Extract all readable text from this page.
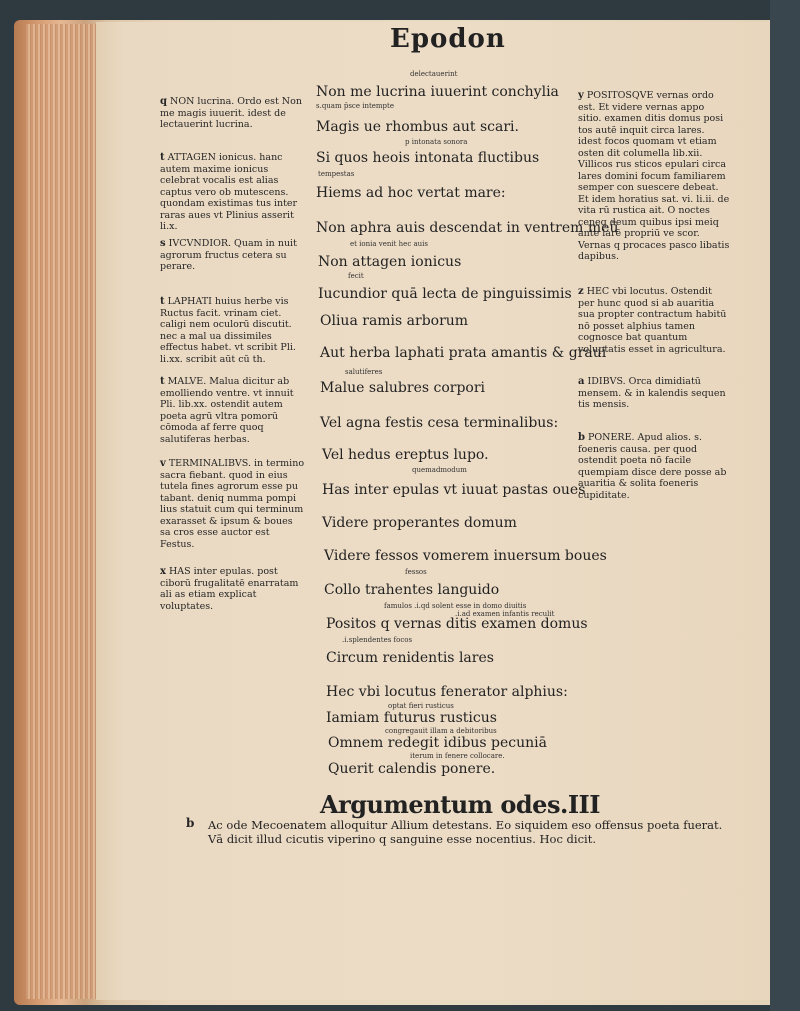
Epodon
Non me lucrina iuuerint conchylia
Magis ue rhombus aut scari.
Si quos heois intonata fluctibus
Hiems ad hoc vertat mare:
Non aphra auis descendat in ventrem meū
Non attagen ionicus
Iucundior quā lecta de pinguissimis
Oliua ramis arborum
Aut herba laphati prata amantis & graui
Malue salubres corpori
Vel agna festis cesa terminalibus:
Vel hedus ereptus lupo.
Has inter epulas vt iuuat pastas oues
Videre properantes domum
Videre fessos vomerem inuersum boues
Collo trahentes languido
Positos q vernas ditis examen domus
Circum renidentis lares
Hec vbi locutus fenerator alphius:
Iamiam futurus rusticus
Omnem redegit idibus pecuniā
Querit calendis ponere.
delectauerint
s.quam p̄sce intempte
p intonata sonora
tempestas
et ionia venit hec auis
fecit
salutiferes
quemadmodum
fessos
famulos .i.qd solent esse in domo diuitis
.i.ad examen infantis reculit
.i.splendentes focos
optat fieri rusticus
congregauit illam a debitoribus
iterum in fenere collocare.
q NON lucrina. Ordo est Non me magis iuuerit. idest de lectauerint lucrina.
t ATTAGEN ionicus. hanc autem maxime ionicus celebrat vocalis est alias captus vero ob mutescens. quondam existimas tus inter raras aues vt Plinius asserit li.x.
s IVCVNDIOR. Quam in nuit agrorum fructus cetera su perare.
t LAPHATI huius herbe vis Ructus facit. vrinam ciet. caligi nem oculorū discutit. nec a mal ua dissimiles effectus habet. vt scribit Pli. li.xx. scribit aūt cū th.
t MALVE. Malua dicitur ab emolliendo ventre. vt innuit Pli. lib.xx. ostendit autem poeta agrū vltra pomorū cōmoda af ferre quoq salutiferas herbas.
v TERMINALIBVS. in termino sacra fiebant. quod in eius tutela fines agrorum esse pu tabant. deniq numma pompi lius statuit cum qui terminum exarasset & ipsum & boues sa cros esse auctor est Festus.
x HAS inter epulas. post ciborū frugalitatē enarratam ali as etiam explicat voluptates.
y POSITOSQVE vernas ordo est. Et videre vernas appo sitio. examen ditis domus posi tos autē inquit circa lares. idest focos quomam vt etiam osten dit columella lib.xii. Villicos rus sticos epulari circa lares domini focum familiarem semper con suescere debeat. Et idem horatius sat. vi. li.ii. de vita rū rustica ait. O noctes ceneq deum quibus ipsi meiq ante larē propriū ve scor. Vernas q procaces pasco libatis dapibus.
z HEC vbi locutus. Ostendit per hunc quod si ab auaritia sua propter contractum habitū nō posset alphius tamen cognosce bat quantum voluptatis esset in agricultura.
a IDIBVS. Orca dimidiatū mensem. & in kalendis sequen tis mensis.
b PONERE. Apud alios. s. foeneris causa. per quod ostendit poeta nō facile quempiam disce dere posse ab auaritia & solita foeneris cupiditate.
Argumentum odes.III
b	Ac ode Mecoenatem alloquitur Allium detestans. Eo siquidem eso offensus poeta fuerat. Vā dicit illud cicutis viperino q sanguine esse nocentius. Hoc dicit.
